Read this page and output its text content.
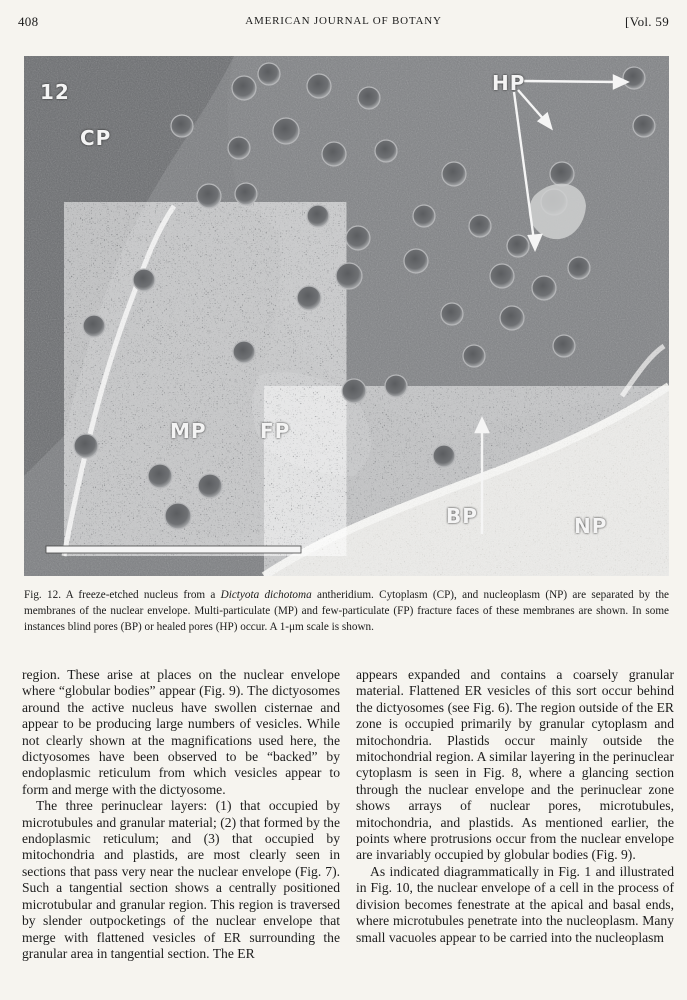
408	AMERICAN JOURNAL OF BOTANY	[Vol. 59
12
CP
HP
MP	FP
BP	NP
Fig. 12. A freeze-etched nucleus from a Dictyota dichotoma antheridium. Cytoplasm (CP), and nucleoplasm (NP) are separated by the membranes of the nuclear envelope. Multi-particulate (MP) and few-particulate (FP) fracture faces of these membranes are shown. In some instances blind pores (BP) or healed pores (HP) occur. A 1-μm scale is shown.

region. These arise at places on the nuclear envelope where “globular bodies” appear (Fig. 9). The dictyosomes around the active nucleus have swollen cisternae and appear to be producing large numbers of vesicles. While not clearly shown at the magnifications used here, the dictyosomes have been observed to be “backed” by endoplasmic reticulum from which vesicles appear to form and merge with the dictyosome.

The three perinuclear layers: (1) that occupied by microtubules and granular material; (2) that formed by the endoplasmic reticulum; and (3) that occupied by mitochondria and plastids, are most clearly seen in sections that pass very near the nuclear envelope (Fig. 7). Such a tangential section shows a centrally positioned microtubular and granular region. This region is traversed by slender outpocketings of the nuclear envelope that merge with flattened vesicles of ER surrounding the granular area in tangential section. The ER

appears expanded and contains a coarsely granular material. Flattened ER vesicles of this sort occur behind the dictyosomes (see Fig. 6). The region outside of the ER zone is occupied primarily by granular cytoplasm and mitochondria. Plastids occur mainly outside the mitochondrial region. A similar layering in the perinuclear cytoplasm is seen in Fig. 8, where a glancing section through the nuclear envelope and the perinuclear zone shows arrays of nuclear pores, microtubules, mitochondria, and plastids. As mentioned earlier, the points where protrusions occur from the nuclear envelope are invariably occupied by globular bodies (Fig. 9).

As indicated diagrammatically in Fig. 1 and illustrated in Fig. 10, the nuclear envelope of a cell in the process of division becomes fenestrate at the apical and basal ends, where microtubules penetrate into the nucleoplasm. Many small vacuoles appear to be carried into the nucleoplasm
